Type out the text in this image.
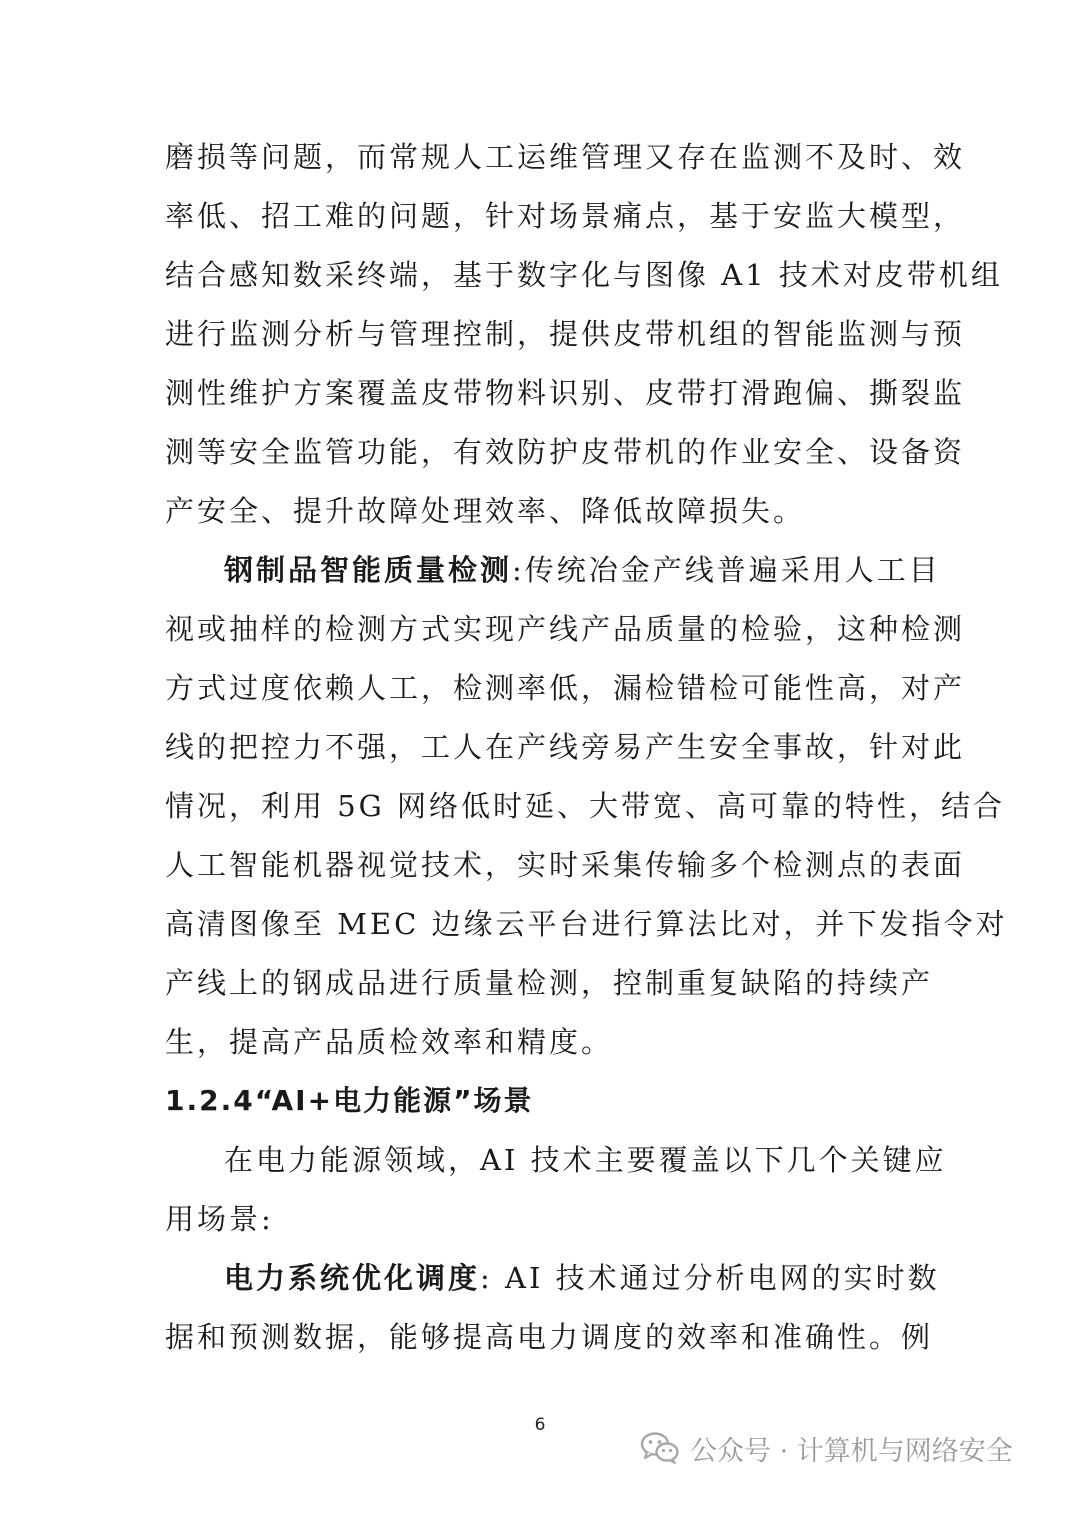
磨损等问题，而常规人工运维管理又存在监测不及时、效
率低、招工难的问题，针对场景痛点，基于安监大模型，
结合感知数采终端，基于数字化与图像 A1 技术对皮带机组
进行监测分析与管理控制，提供皮带机组的智能监测与预
测性维护方案覆盖皮带物料识别、皮带打滑跑偏、撕裂监
测等安全监管功能，有效防护皮带机的作业安全、设备资
产安全、提升故障处理效率、降低故障损失。
钢制品智能质量检测:传统冶金产线普遍采用人工目
视或抽样的检测方式实现产线产品质量的检验，这种检测
方式过度依赖人工，检测率低，漏检错检可能性高，对产
线的把控力不强，工人在产线旁易产生安全事故，针对此
情况，利用 5G 网络低时延、大带宽、高可靠的特性，结合
人工智能机器视觉技术，实时采集传输多个检测点的表面
高清图像至 MEC 边缘云平台进行算法比对，并下发指令对
产线上的钢成品进行质量检测，控制重复缺陷的持续产
生，提高产品质检效率和精度。
1.2.4“AI+电力能源”场景
在电力能源领域，AI 技术主要覆盖以下几个关键应
用场景:
电力系统优化调度: AI 技术通过分析电网的实时数
据和预测数据，能够提高电力调度的效率和准确性。例
6
公众号 · 计算机与网络安全
